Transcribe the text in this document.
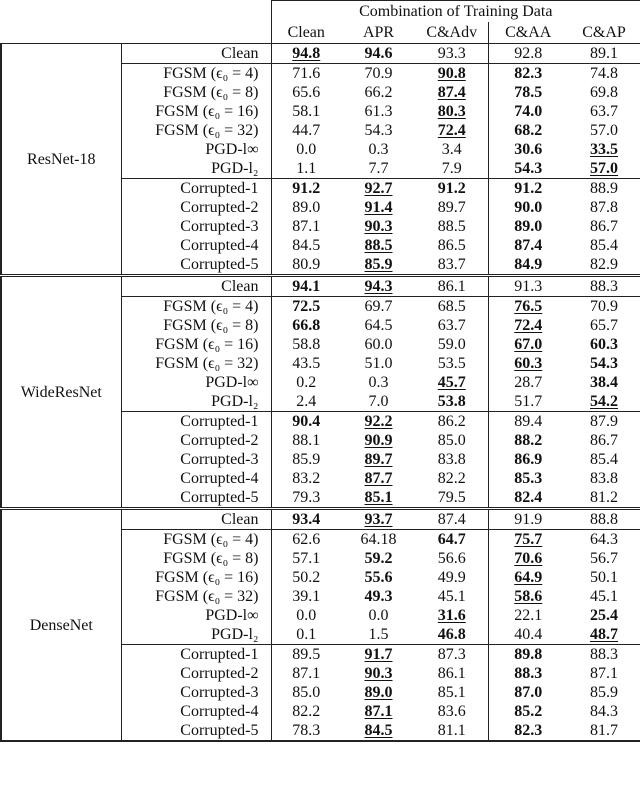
		Combination of Training Data				
		Clean	APR	C&Adv	C&AA	C&AP
ResNet-18	Clean	94.8	94.6	93.3	92.8	89.1
	FGSM (ϵ₀ = 4)	71.6	70.9	90.8	82.3	74.8
	FGSM (ϵ₀ = 8)	65.6	66.2	87.4	78.5	69.8
	FGSM (ϵ₀ = 16)	58.1	61.3	80.3	74.0	63.7
	FGSM (ϵ₀ = 32)	44.7	54.3	72.4	68.2	57.0
	PGD-l∞	0.0	0.3	3.4	30.6	33.5
	PGD-l₂	1.1	7.7	7.9	54.3	57.0
	Corrupted-1	91.2	92.7	91.2	91.2	88.9
	Corrupted-2	89.0	91.4	89.7	90.0	87.8
	Corrupted-3	87.1	90.3	88.5	89.0	86.7
	Corrupted-4	84.5	88.5	86.5	87.4	85.4
	Corrupted-5	80.9	85.9	83.7	84.9	82.9
WideResNet	Clean	94.1	94.3	86.1	91.3	88.3
	FGSM (ϵ₀ = 4)	72.5	69.7	68.5	76.5	70.9
	FGSM (ϵ₀ = 8)	66.8	64.5	63.7	72.4	65.7
	FGSM (ϵ₀ = 16)	58.8	60.0	59.0	67.0	60.3
	FGSM (ϵ₀ = 32)	43.5	51.0	53.5	60.3	54.3
	PGD-l∞	0.2	0.3	45.7	28.7	38.4
	PGD-l₂	2.4	7.0	53.8	51.7	54.2
	Corrupted-1	90.4	92.2	86.2	89.4	87.9
	Corrupted-2	88.1	90.9	85.0	88.2	86.7
	Corrupted-3	85.9	89.7	83.8	86.9	85.4
	Corrupted-4	83.2	87.7	82.2	85.3	83.8
	Corrupted-5	79.3	85.1	79.5	82.4	81.2
DenseNet	Clean	93.4	93.7	87.4	91.9	88.8
	FGSM (ϵ₀ = 4)	62.6	64.18	64.7	75.7	64.3
	FGSM (ϵ₀ = 8)	57.1	59.2	56.6	70.6	56.7
	FGSM (ϵ₀ = 16)	50.2	55.6	49.9	64.9	50.1
	FGSM (ϵ₀ = 32)	39.1	49.3	45.1	58.6	45.1
	PGD-l∞	0.0	0.0	31.6	22.1	25.4
	PGD-l₂	0.1	1.5	46.8	40.4	48.7
	Corrupted-1	89.5	91.7	87.3	89.8	88.3
	Corrupted-2	87.1	90.3	86.1	88.3	87.1
	Corrupted-3	85.0	89.0	85.1	87.0	85.9
	Corrupted-4	82.2	87.1	83.6	85.2	84.3
	Corrupted-5	78.3	84.5	81.1	82.3	81.7
